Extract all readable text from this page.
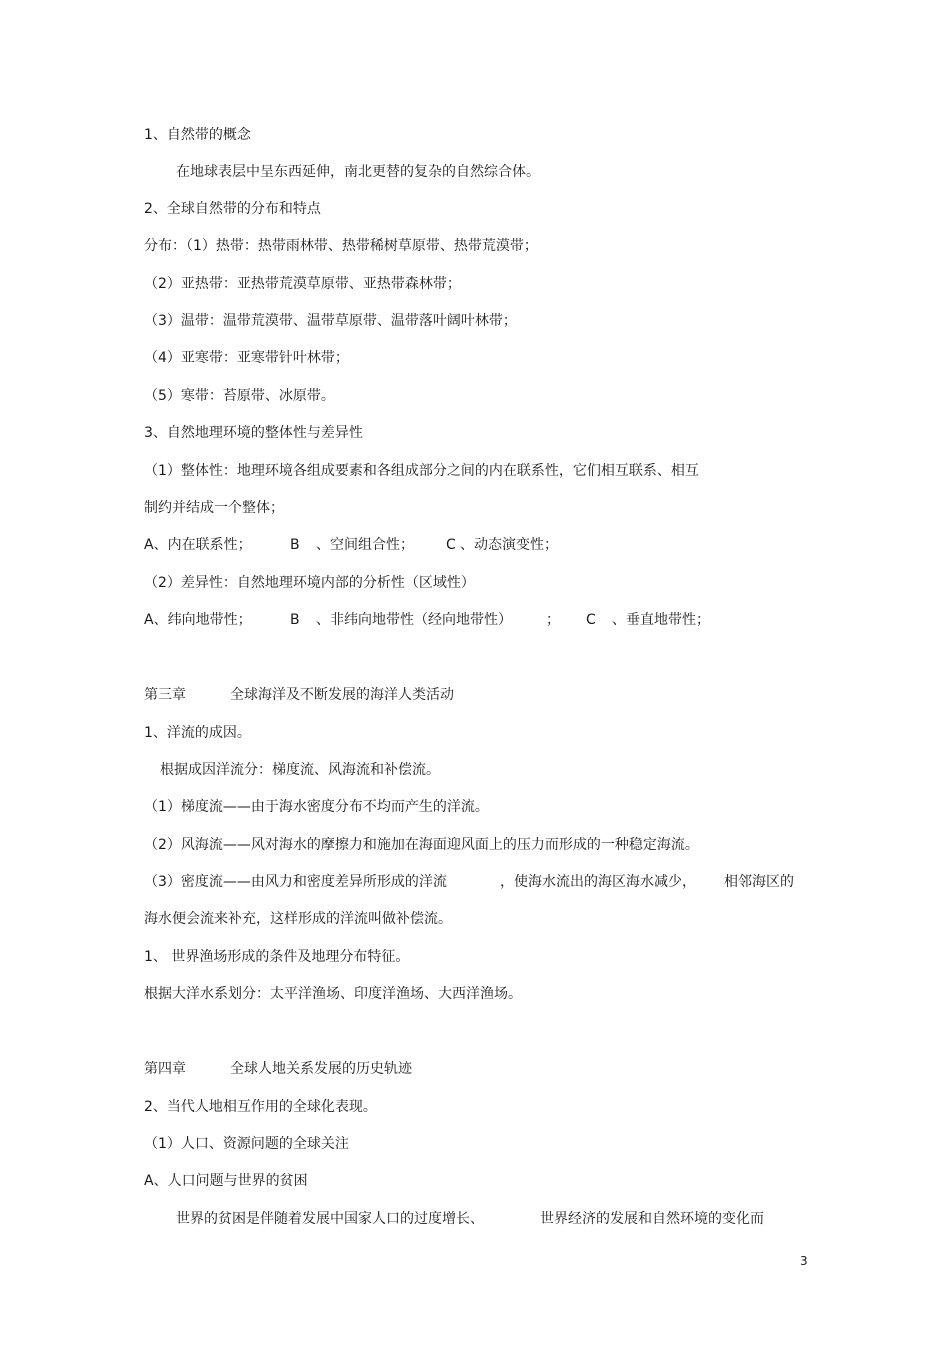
1、自然带的概念
在地球表层中呈东西延伸，南北更替的复杂的自然综合体。
2、全球自然带的分布和特点
分布：（1）热带：热带雨林带、热带稀树草原带、热带荒漠带；
（2）亚热带：亚热带荒漠草原带、亚热带森林带；
（3）温带：温带荒漠带、温带草原带、温带落叶阔叶林带；
（4）亚寒带：亚寒带针叶林带；
（5）寒带：苔原带、冰原带。
3、自然地理环境的整体性与差异性
（1）整体性：地理环境各组成要素和各组成部分之间的内在联系性，它们相互联系、相互
制约并结成一个整体；
A、内在联系性；	B 、空间组合性； C 、动态演变性；
（2）差异性：自然地理环境内部的分析性（区域性）
A、纬向地带性；	B 、非纬向地带性（经向地带性） ； C 、垂直地带性；
第三章	全球海洋及不断发展的海洋人类活动
1、洋流的成因。
根据成因洋流分：梯度流、风海流和补偿流。
（1）梯度流——由于海水密度分布不均而产生的洋流。
（2）风海流——风对海水的摩擦力和施加在海面迎风面上的压力而形成的一种稳定海流。
（3）密度流——由风力和密度差异所形成的洋流	，使海水流出的海区海水减少， 相邻海区的
海水便会流来补充，这样形成的洋流叫做补偿流。
1、 世界渔场形成的条件及地理分布特征。
根据大洋水系划分：太平洋渔场、印度洋渔场、大西洋渔场。
第四章	全球人地关系发展的历史轨迹
2、当代人地相互作用的全球化表现。
（1）人口、资源问题的全球关注
A、人口问题与世界的贫困
世界的贫困是伴随着发展中国家人口的过度增长、	世界经济的发展和自然环境的变化而
3
